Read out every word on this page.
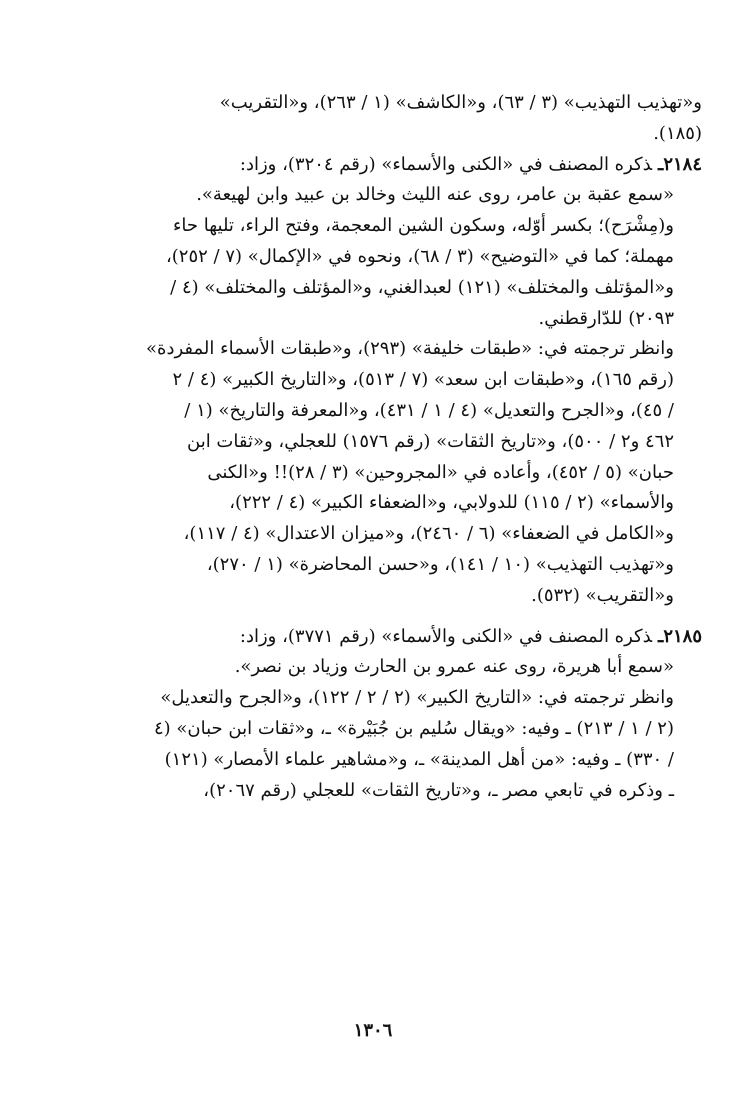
و«تهذيب التهذيب» (٣ / ٦٣)، و«الكاشف» (١ / ٢٦٣)، و«التقريب»
(١٨٥).
٢١٨٤ـذكره المصنف في «الكنى والأسماء» (رقم ٣٢٠٤)، وزاد:
«سمع عقبة بن عامر، روى عنه الليث وخالد بن عبيد وابن لهيعة».
و(مِشْرَح)؛ بكسر أوّله، وسكون الشين المعجمة، وفتح الراء، تليها حاء
مهملة؛ كما في «التوضيح» (٣ / ٦٨)، ونحوه في «الإكمال» (٧ / ٢٥٢)،
و«المؤتلف والمختلف» (١٢١) لعبدالغني، و«المؤتلف والمختلف» (٤ /
٢٠٩٣) للدّارقطني.
وانظر ترجمته في: «طبقات خليفة» (٢٩٣)، و«طبقات الأسماء المفردة»
(رقم ١٦٥)، و«طبقات ابن سعد» (٧ / ٥١٣)، و«التاريخ الكبير» (٤ / ٢
/ ٤٥)، و«الجرح والتعديل» (٤ / ١ / ٤٣١)، و«المعرفة والتاريخ» (١ /
٤٦٢ و٢ / ٥٠٠)، و«تاريخ الثقات» (رقم ١٥٧٦) للعجلي، و«ثقات ابن
حبان» (٥ / ٤٥٢)، وأعاده في «المجروحين» (٣ / ٢٨)!! و«الكنى
والأسماء» (٢ / ١١٥) للدولابي، و«الضعفاء الكبير» (٤ / ٢٢٢)،
و«الكامل في الضعفاء» (٦ / ٢٤٦٠)، و«ميزان الاعتدال» (٤ / ١١٧)،
و«تهذيب التهذيب» (١٠ / ١٤١)، و«حسن المحاضرة» (١ / ٢٧٠)،
و«التقريب» (٥٣٢).
٢١٨٥ـذكره المصنف في «الكنى والأسماء» (رقم ٣٧٧١)، وزاد:
«سمع أبا هريرة، روى عنه عمرو بن الحارث وزياد بن نصر».
وانظر ترجمته في: «التاريخ الكبير» (٢ / ٢ / ١٢٢)، و«الجرح والتعديل»
(٢ / ١ / ٢١٣) ـ وفيه: «ويقال سُليم بن جُبَيْرة» ـ، و«ثقات ابن حبان» (٤
/ ٣٣٠) ـ وفيه: «من أهل المدينة» ـ، و«مشاهير علماء الأمصار» (١٢١)
ـ وذكره في تابعي مصر ـ، و«تاريخ الثقات» للعجلي (رقم ٢٠٦٧)،
١٣٠٦
